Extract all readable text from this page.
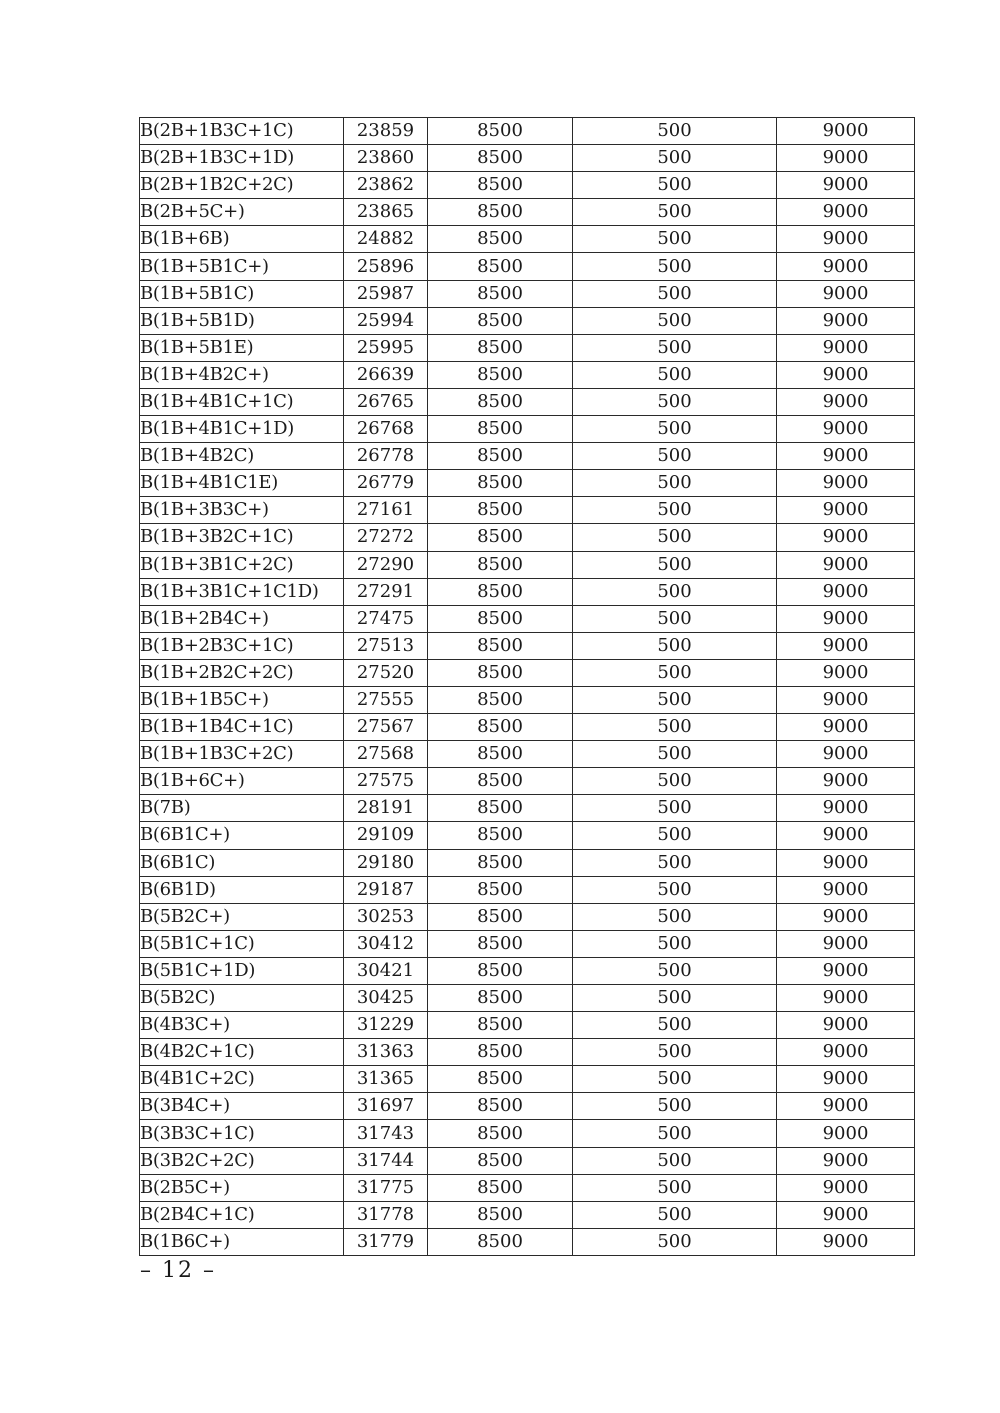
B(2B+1B3C+1C)	23859	8500	500	9000
B(2B+1B3C+1D)	23860	8500	500	9000
B(2B+1B2C+2C)	23862	8500	500	9000
B(2B+5C+)	23865	8500	500	9000
B(1B+6B)	24882	8500	500	9000
B(1B+5B1C+)	25896	8500	500	9000
B(1B+5B1C)	25987	8500	500	9000
B(1B+5B1D)	25994	8500	500	9000
B(1B+5B1E)	25995	8500	500	9000
B(1B+4B2C+)	26639	8500	500	9000
B(1B+4B1C+1C)	26765	8500	500	9000
B(1B+4B1C+1D)	26768	8500	500	9000
B(1B+4B2C)	26778	8500	500	9000
B(1B+4B1C1E)	26779	8500	500	9000
B(1B+3B3C+)	27161	8500	500	9000
B(1B+3B2C+1C)	27272	8500	500	9000
B(1B+3B1C+2C)	27290	8500	500	9000
B(1B+3B1C+1C1D)	27291	8500	500	9000
B(1B+2B4C+)	27475	8500	500	9000
B(1B+2B3C+1C)	27513	8500	500	9000
B(1B+2B2C+2C)	27520	8500	500	9000
B(1B+1B5C+)	27555	8500	500	9000
B(1B+1B4C+1C)	27567	8500	500	9000
B(1B+1B3C+2C)	27568	8500	500	9000
B(1B+6C+)	27575	8500	500	9000
B(7B)	28191	8500	500	9000
B(6B1C+)	29109	8500	500	9000
B(6B1C)	29180	8500	500	9000
B(6B1D)	29187	8500	500	9000
B(5B2C+)	30253	8500	500	9000
B(5B1C+1C)	30412	8500	500	9000
B(5B1C+1D)	30421	8500	500	9000
B(5B2C)	30425	8500	500	9000
B(4B3C+)	31229	8500	500	9000
B(4B2C+1C)	31363	8500	500	9000
B(4B1C+2C)	31365	8500	500	9000
B(3B4C+)	31697	8500	500	9000
B(3B3C+1C)	31743	8500	500	9000
B(3B2C+2C)	31744	8500	500	9000
B(2B5C+)	31775	8500	500	9000
B(2B4C+1C)	31778	8500	500	9000
B(1B6C+)	31779	8500	500	9000
– 12 –
